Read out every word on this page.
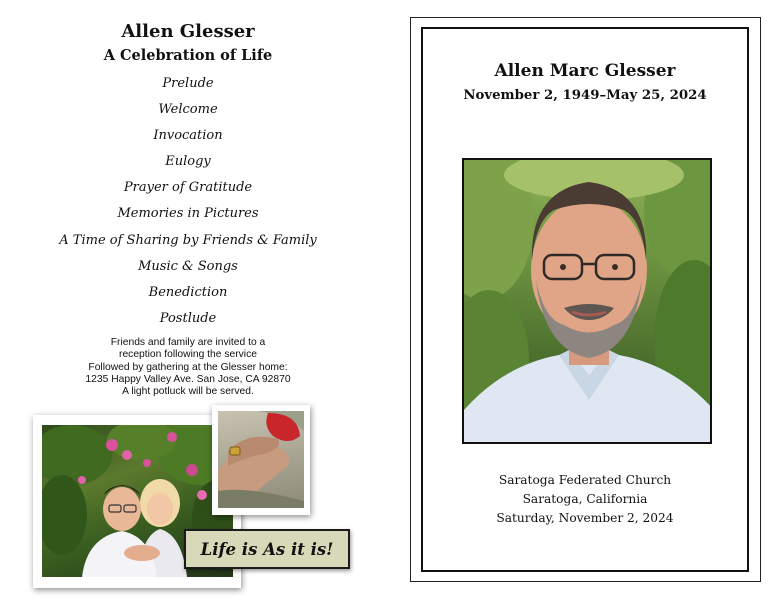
Allen Glesser
A Celebration of Life
Prelude
Welcome
Invocation
Eulogy
Prayer of Gratitude
Memories in Pictures
A Time of Sharing by Friends & Family
Music & Songs
Benediction
Postlude
Friends and family are invited to a
reception following the service
Followed by gathering at the Glesser home:
1235 Happy Valley Ave. San Jose, CA 92870
A light potluck will be served.
Life is As it is!
Allen Marc Glesser
November 2, 1949–May 25, 2024
Saratoga Federated Church
Saratoga, California
Saturday, November 2, 2024
